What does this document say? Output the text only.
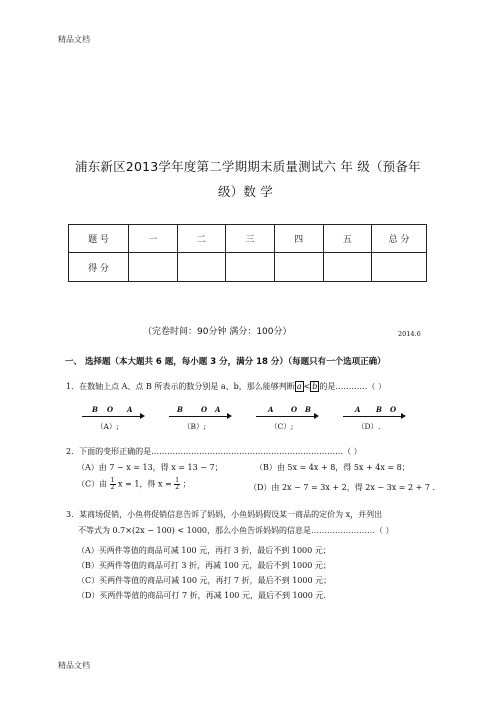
精品文档
浦东新区2013学年度第二学期期末质量测试六 年 级（预备年
级）数 学
题 号	一	二	三	四	五	总 分
得 分						
（完卷时间：90分钟 满分：100分）	2014.6
一、 选择题（本大题共 6 题，每小题 3 分，满分 18 分）（每题只有一个选项正确）
1．在数轴上点 A、点 B 所表示的数分别是 a、b，那么能够判断 a < b 的是…………（ ）
B O A
（A）;
B	O A
（B）;
A	O B
（C）;
A B O
（D）.
2．下面的变形正确的是………………………………………………………………（ ）
（A）由 7 − x = 13，得 x = 13 − 7；	（B）由 5x = 4x + 8，得 5x + 4x = 8；
（C）由 $\frac{1}{2}$ x = 1，得 $x = \frac{1}{2}$ ；	（D）由 2x − 7 = 3x + 2，得 2x − 3x = 2 + 7 .
3．某商场促销，小鱼将促销信息告诉了妈妈，小鱼妈妈假设某一商品的定价为 x，并列出
不等式为 0.7×(2x − 100) < 1000，那么小鱼告诉妈妈的信息是……………………（ ）
（A）买两件等值的商品可减 100 元，再打 3 折，最后不到 1000 元；
（B）买两件等值的商品可打 3 折，再减 100 元，最后不到 1000 元；
（C）买两件等值的商品可减 100 元，再打 7 折，最后不到 1000 元；
（D）买两件等值的商品可打 7 折，再减 100 元，最后不到 1000 元.
精品文档
